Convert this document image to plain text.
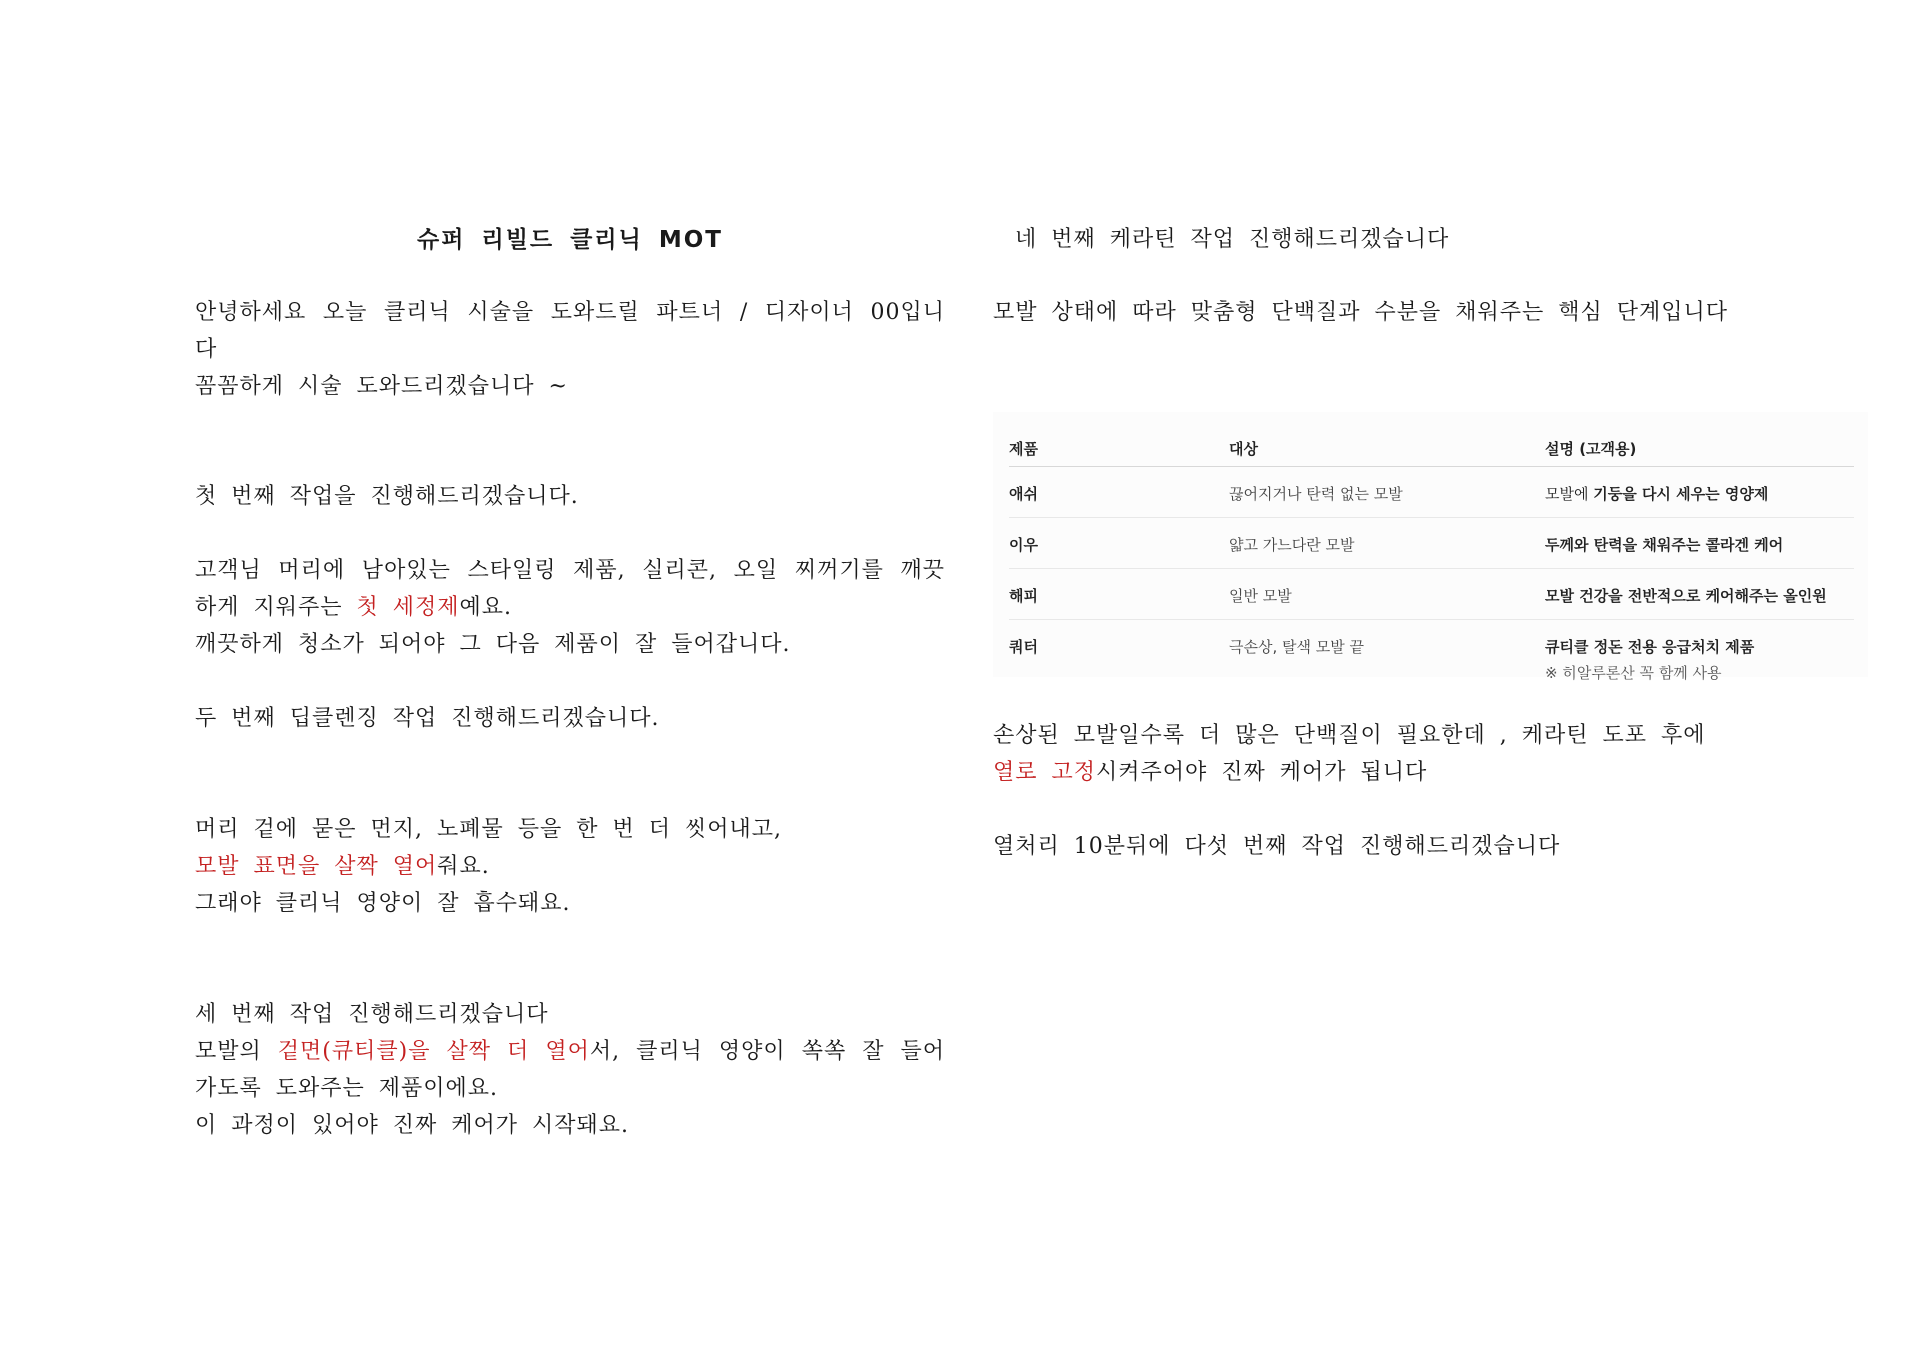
슈퍼 리빌드 클리닉 MOT

안녕하세요 오늘 클리닉 시술을 도와드릴 파트너 / 디자이너 00입니다

꼼꼼하게 시술 도와드리겠습니다 ~

첫 번째 작업을 진행해드리겠습니다.

고객님 머리에 남아있는 스타일링 제품, 실리콘, 오일 찌꺼기를 깨끗하게 지워주는 첫 세정제예요.

깨끗하게 청소가 되어야 그 다음 제품이 잘 들어갑니다.

두 번째 딥클렌징 작업 진행해드리겠습니다.

머리 겉에 묻은 먼지, 노폐물 등을 한 번 더 씻어내고,

모발 표면을 살짝 열어줘요.

그래야 클리닉 영양이 잘 흡수돼요.

세 번째 작업 진행해드리겠습니다

모발의 겉면(큐티클)을 살짝 더 열어서, 클리닉 영양이 쏙쏙 잘 들어가도록 도와주는 제품이에요.

이 과정이 있어야 진짜 케어가 시작돼요.

네 번째 케라틴 작업 진행해드리겠습니다

모발 상태에 따라 맞춤형 단백질과 수분을 채워주는 핵심 단계입니다

제품	대상	설명 (고객용)
애쉬	끊어지거나 탄력 없는 모발	모발에 기둥을 다시 세우는 영양제
이우	얇고 가느다란 모발	두께와 탄력을 채워주는 콜라겐 케어
해피	일반 모발	모발 건강을 전반적으로 케어해주는 올인원
쿼터	극손상, 탈색 모발 끝	큐티클 정돈 전용 응급처치 제품
※ 히알루론산 꼭 함께 사용

손상된 모발일수록 더 많은 단백질이 필요한데 , 케라틴 도포 후에

열로 고정시켜주어야 진짜 케어가 됩니다

열처리 10분뒤에 다섯 번째 작업 진행해드리겠습니다
